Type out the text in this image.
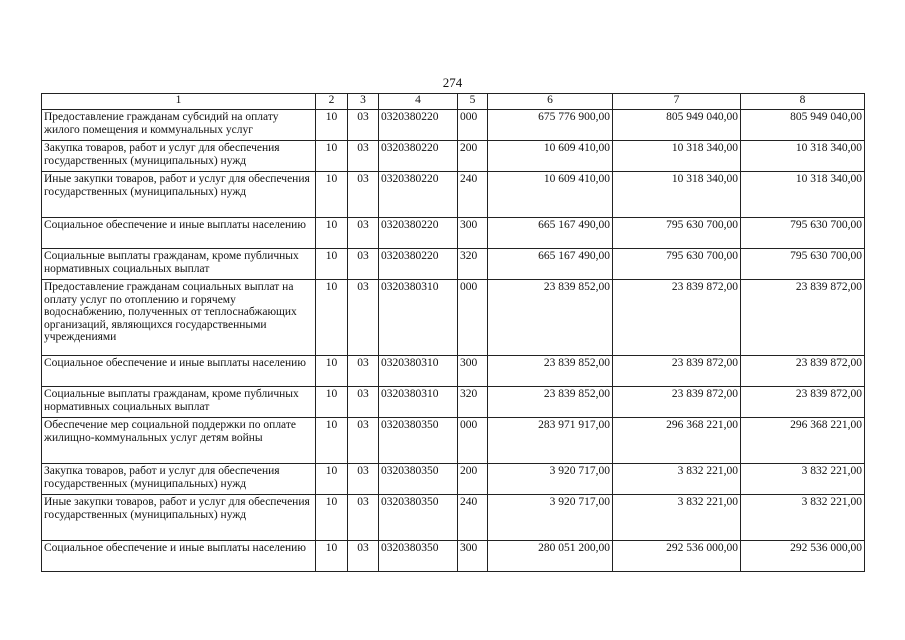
274
1	2	3	4	5	6	7	8
Предоставление гражданам субсидий на оплату жилого помещения и коммунальных услуг	10	03	0320380220	000	675 776 900,00	805 949 040,00	805 949 040,00
Закупка товаров, работ и услуг для обеспечения государственных (муниципальных) нужд	10	03	0320380220	200	10 609 410,00	10 318 340,00	10 318 340,00
Иные закупки товаров, работ и услуг для обеспечения государственных (муниципальных) нужд	10	03	0320380220	240	10 609 410,00	10 318 340,00	10 318 340,00
Социальное обеспечение и иные выплаты населению	10	03	0320380220	300	665 167 490,00	795 630 700,00	795 630 700,00
Социальные выплаты гражданам, кроме публичных нормативных социальных выплат	10	03	0320380220	320	665 167 490,00	795 630 700,00	795 630 700,00
Предоставление гражданам социальных выплат на оплату услуг по отоплению и горячему водоснабжению, полученных от теплоснабжающих организаций, являющихся государственными учреждениями	10	03	0320380310	000	23 839 852,00	23 839 872,00	23 839 872,00
Социальное обеспечение и иные выплаты населению	10	03	0320380310	300	23 839 852,00	23 839 872,00	23 839 872,00
Социальные выплаты гражданам, кроме публичных нормативных социальных выплат	10	03	0320380310	320	23 839 852,00	23 839 872,00	23 839 872,00
Обеспечение мер социальной поддержки по оплате жилищно-коммунальных услуг детям войны	10	03	0320380350	000	283 971 917,00	296 368 221,00	296 368 221,00
Закупка товаров, работ и услуг для обеспечения государственных (муниципальных) нужд	10	03	0320380350	200	3 920 717,00	3 832 221,00	3 832 221,00
Иные закупки товаров, работ и услуг для обеспечения государственных (муниципальных) нужд	10	03	0320380350	240	3 920 717,00	3 832 221,00	3 832 221,00
Социальное обеспечение и иные выплаты населению	10	03	0320380350	300	280 051 200,00	292 536 000,00	292 536 000,00
